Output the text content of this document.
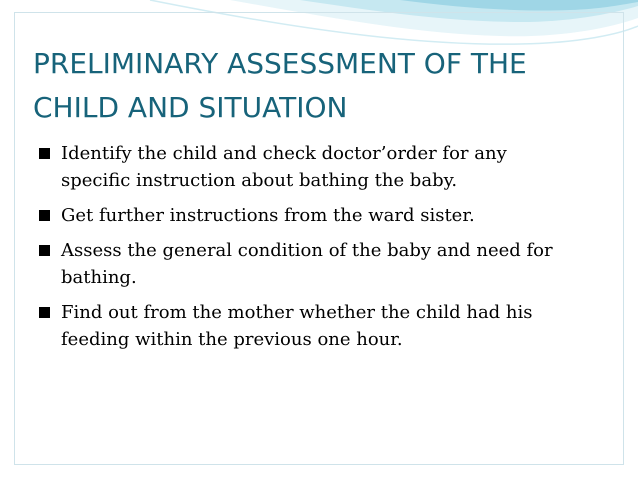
PRELIMINARY ASSESSMENT OF THE
CHILD AND SITUATION
Identify the child and check doctor’order for any
specific instruction about bathing the baby.
Get further instructions from the ward sister.
Assess the general condition of the baby and need for
bathing.
Find out from the mother whether the child had his
feeding within the previous one hour.
